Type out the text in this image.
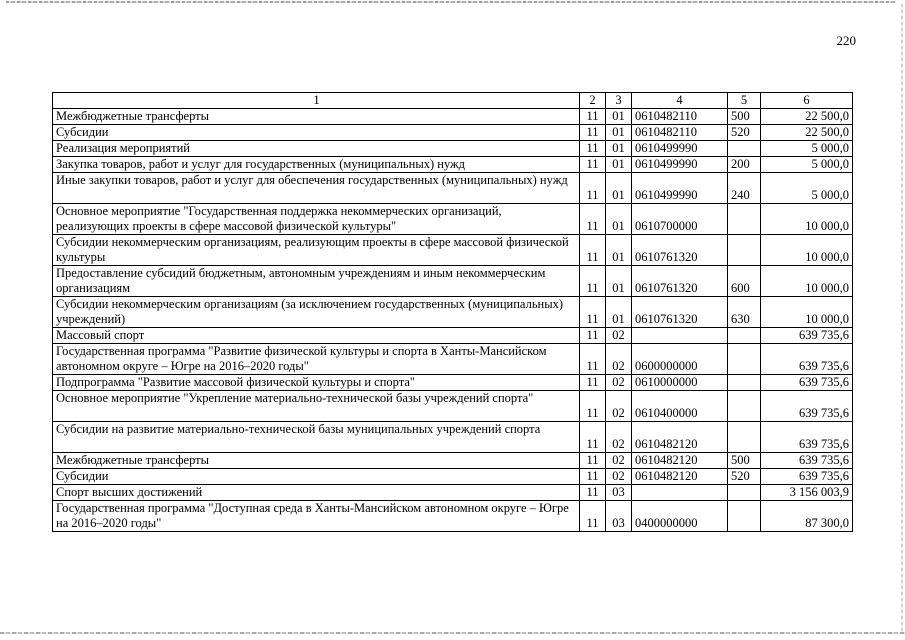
220
1	2	3	4	5	6
Межбюджетные трансферты	11	01	0610482110	500	22 500,0
Субсидии	11	01	0610482110	520	22 500,0
Реализация мероприятий	11	01	0610499990		5 000,0
Закупка товаров, работ и услуг для государственных (муниципальных) нужд	11	01	0610499990	200	5 000,0
Иные закупки товаров, работ и услуг для обеспечения государственных (муниципальных) нужд	11	01	0610499990	240	5 000,0
Основное мероприятие "Государственная поддержка некоммерческих организаций, реализующих проекты в сфере массовой физической культуры"	11	01	0610700000		10 000,0
Субсидии некоммерческим организациям, реализующим проекты в сфере массовой физической культуры	11	01	0610761320		10 000,0
Предоставление субсидий бюджетным, автономным учреждениям и иным некоммерческим организациям	11	01	0610761320	600	10 000,0
Субсидии некоммерческим организациям (за исключением государственных (муниципальных) учреждений)	11	01	0610761320	630	10 000,0
Массовый спорт	11	02			639 735,6
Государственная программа "Развитие физической культуры и спорта в Ханты-Мансийском автономном округе – Югре на 2016–2020 годы"	11	02	0600000000		639 735,6
Подпрограмма "Развитие массовой физической культуры и спорта"	11	02	0610000000		639 735,6
Основное мероприятие "Укрепление материально-технической базы учреждений спорта"	11	02	0610400000		639 735,6
Субсидии на развитие материально-технической базы муниципальных учреждений спорта	11	02	0610482120		639 735,6
Межбюджетные трансферты	11	02	0610482120	500	639 735,6
Субсидии	11	02	0610482120	520	639 735,6
Спорт высших достижений	11	03			3 156 003,9
Государственная программа "Доступная среда в Ханты-Мансийском автономном округе – Югре на 2016–2020 годы"	11	03	0400000000		87 300,0
